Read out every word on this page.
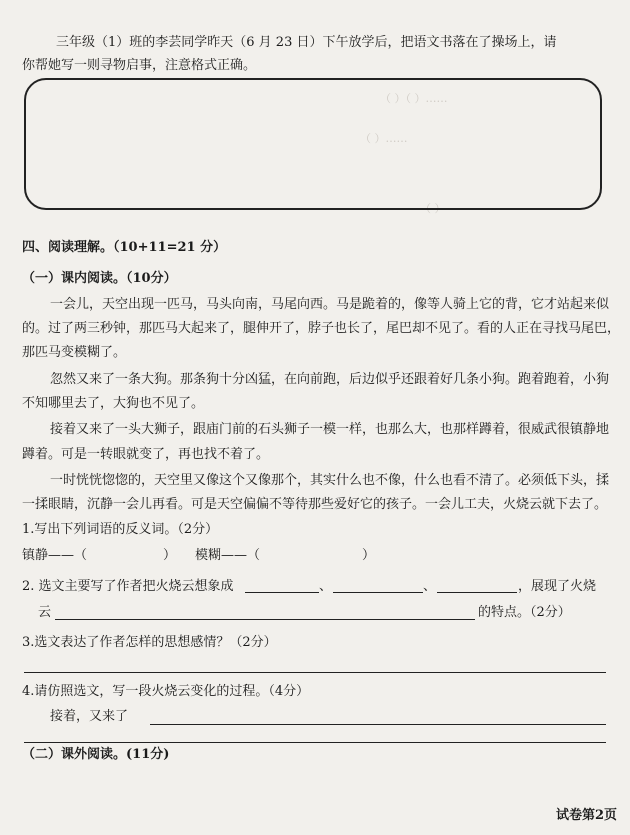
（ ）（ ）……
（ ）……
（ ）
三年级（1）班的李芸同学昨天（6 月 23 日）下午放学后，把语文书落在了操场上，请
你帮她写一则寻物启事，注意格式正确。
四、阅读理解。（10+11=21 分）
（一）课内阅读。（10分）
一会儿，天空出现一匹马，马头向南，马尾向西。马是跪着的，像等人骑上它的背，它才站起来似
的。过了两三秒钟，那匹马大起来了，腿伸开了，脖子也长了，尾巴却不见了。看的人正在寻找马尾巴，
那匹马变模糊了。
忽然又来了一条大狗。那条狗十分凶猛，在向前跑，后边似乎还跟着好几条小狗。跑着跑着，小狗
不知哪里去了，大狗也不见了。
接着又来了一头大狮子，跟庙门前的石头狮子一模一样，也那么大，也那样蹲着，很威武很镇静地
蹲着。可是一转眼就变了，再也找不着了。
一时恍恍惚惚的，天空里又像这个又像那个，其实什么也不像，什么也看不清了。必须低下头，揉
一揉眼睛，沉静一会儿再看。可是天空偏偏不等待那些爱好它的孩子。一会儿工夫，火烧云就下去了。
1.写出下列词语的反义词。（2分）
镇静——（	） 模糊——（	）
2. 选文主要写了作者把火烧云想象成	、	、	，展现了火烧
云	的特点。（2分）
3.选文表达了作者怎样的思想感情？（2分）
4.请仿照选文，写一段火烧云变化的过程。（4分）
接着，又来了
（二）课外阅读。(11分)
试卷第2页
